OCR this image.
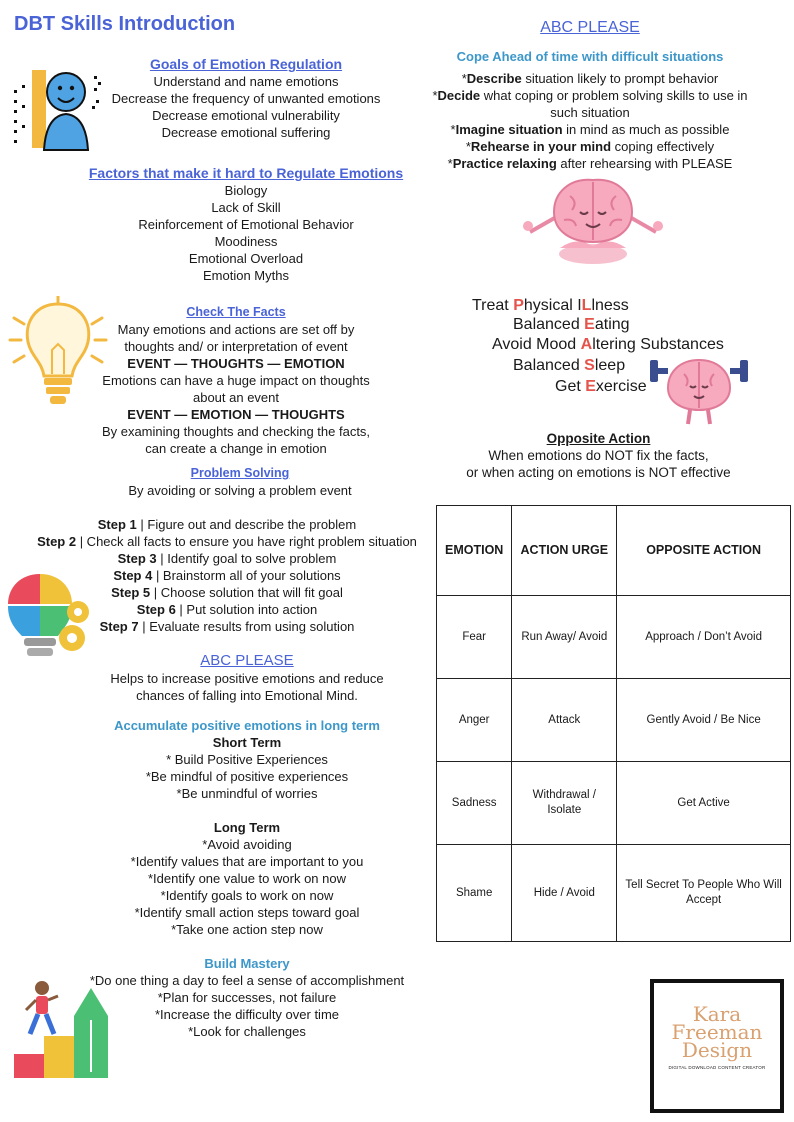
DBT Skills Introduction
Goals of Emotion Regulation
Understand and name emotions
Decrease the frequency of unwanted emotions
Decrease emotional vulnerability
Decrease emotional suffering
Factors that make it hard to Regulate Emotions
Biology
Lack of Skill
Reinforcement of Emotional Behavior
Moodiness
Emotional Overload
Emotion Myths
Check The Facts
Many emotions and actions are set off by
thoughts and/ or interpretation of event
EVENT — THOUGHTS — EMOTION
Emotions can have a huge impact on thoughts
about an event
EVENT — EMOTION — THOUGHTS
By examining thoughts and checking the facts,
can create a change in emotion
Problem Solving
By avoiding or solving a problem event
Step 1 | Figure out and describe the problem
Step 2 | Check all facts to ensure you have right problem situation
Step 3 | Identify goal to solve problem
Step 4 | Brainstorm all of your solutions
Step 5 | Choose solution that will fit goal
Step 6 | Put solution into action
Step 7 | Evaluate results from using solution
ABC PLEASE
Helps to increase positive emotions and reduce
chances of falling into Emotional Mind.
Accumulate positive emotions in long term
Short Term
* Build Positive Experiences
*Be mindful of positive experiences
*Be unmindful of worries
Long Term
*Avoid avoiding
*Identify values that are important to you
*Identify one value to work on now
*Identify goals to work on now
*Identify small action steps toward goal
*Take one action step now
Build Mastery
*Do one thing a day to feel a sense of accomplishment
*Plan for successes, not failure
*Increase the difficulty over time
*Look for challenges
ABC PLEASE
Cope Ahead of time with difficult situations
*Describe situation likely to prompt behavior
*Decide what coping or problem solving skills to use in
such situation
*Imagine situation in mind as much as possible
*Rehearse in your mind coping effectively
*Practice relaxing after rehearsing with PLEASE
Treat Physical ILlness
Balanced Eating
Avoid Mood Altering Substances
Balanced Sleep
Get Exercise
Opposite Action
When emotions do NOT fix the facts,
or when acting on emotions is NOT effective
EMOTION	ACTION URGE	OPPOSITE ACTION
Fear	Run Away/ Avoid	Approach / Don’t Avoid
Anger	Attack	Gently Avoid / Be Nice
Sadness	Withdrawal / Isolate	Get Active
Shame	Hide / Avoid	Tell Secret To People Who Will Accept
Kara
Freeman
Design
DIGITAL DOWNLOAD CONTENT CREATOR
